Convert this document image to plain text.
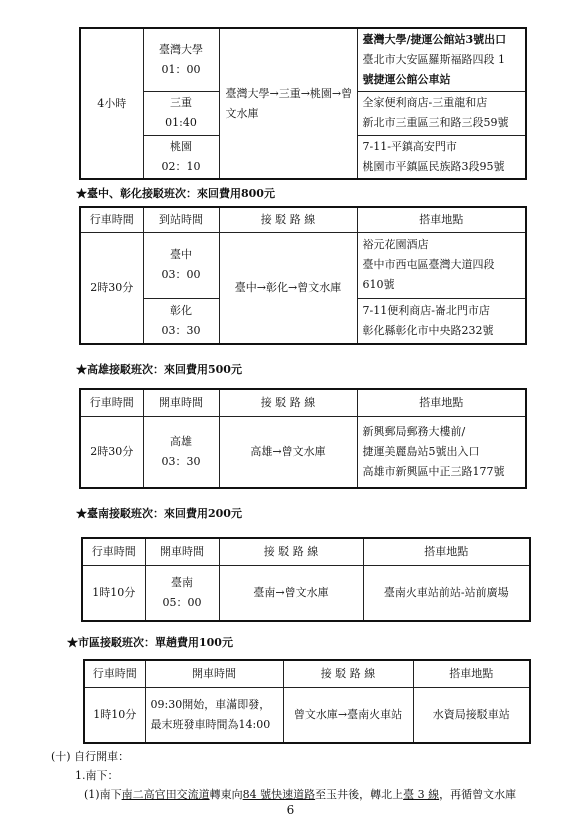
4小時	臺灣大學
01：00	臺灣大學→三重→桃園→曾文水庫	臺灣大學/捷運公館站3號出口
臺北市大安區羅斯福路四段 1
號捷運公館公車站
	三重
01:40		全家便利商店-三重龍和店
新北市三重區三和路三段59號
	桃園
02：10		7-11-平鎮高安門市
桃園市平鎮區民族路3段95號
★臺中、彰化接駁班次：來回費用800元
行車時間	到站時間	接 駁 路 線	搭車地點
2時30分	臺中
03：00	臺中→彰化→曾文水庫	裕元花園酒店
臺中市西屯區臺灣大道四段
610號
	彰化
03：30		7-11便利商店-崙北門市店
彰化縣彰化市中央路232號
★高雄接駁班次：來回費用500元
行車時間	開車時間	接 駁 路 線	搭車地點
2時30分	高雄
03：30	高雄→曾文水庫	新興郵局郵務大樓前/
捷運美麗島站5號出入口
高雄市新興區中正三路177號
★臺南接駁班次：來回費用200元
行車時間	開車時間	接 駁 路 線	搭車地點
1時10分	臺南
05：00	臺南→曾文水庫	臺南火車站前站-站前廣場
★市區接駁班次：單趟費用100元
行車時間	開車時間	接 駁 路 線	搭車地點
1時10分	09:30開始，車滿即發，
最末班發車時間為14:00	曾文水庫→臺南火車站	水資局接駁車站
(十) 自行開車：
1.南下：
(1)南下南二高官田交流道轉東向84 號快速道路至玉井後，轉北上臺 3 線，再循曾文水庫
6
